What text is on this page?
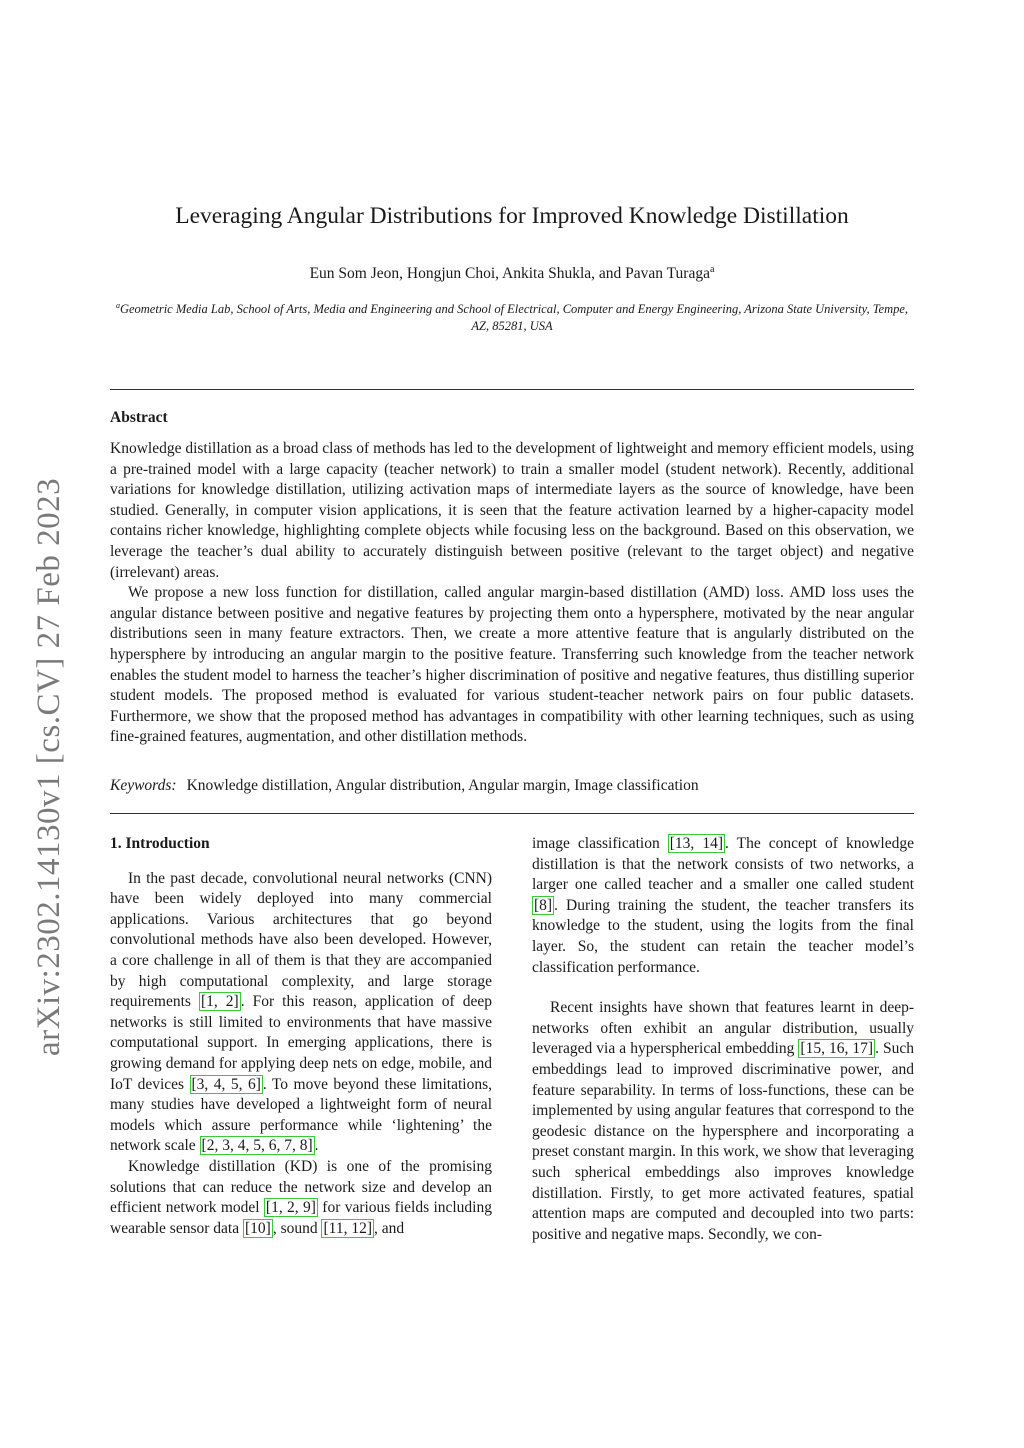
arXiv:2302.14130v1 [cs.CV] 27 Feb 2023
Leveraging Angular Distributions for Improved Knowledge Distillation
Eun Som Jeon, Hongjun Choi, Ankita Shukla, and Pavan Turaga$^a$
$^a$Geometric Media Lab, School of Arts, Media and Engineering and School of Electrical, Computer and Energy Engineering, Arizona State University, Tempe, AZ, 85281, USA
Abstract

Knowledge distillation as a broad class of methods has led to the development of lightweight and memory efficient models, using a pre-trained model with a large capacity (teacher network) to train a smaller model (student network). Recently, additional variations for knowledge distillation, utilizing activation maps of intermediate layers as the source of knowledge, have been studied. Generally, in computer vision applications, it is seen that the feature activation learned by a higher-capacity model contains richer knowledge, highlighting complete objects while focusing less on the background. Based on this observation, we leverage the teacher’s dual ability to accurately distinguish between positive (relevant to the target object) and negative (irrelevant) areas.

We propose a new loss function for distillation, called angular margin-based distillation (AMD) loss. AMD loss uses the angular distance between positive and negative features by projecting them onto a hypersphere, motivated by the near angular distributions seen in many feature extractors. Then, we create a more attentive feature that is angularly distributed on the hypersphere by introducing an angular margin to the positive feature. Transferring such knowledge from the teacher network enables the student model to harness the teacher’s higher discrimination of positive and negative features, thus distilling superior student models. The proposed method is evaluated for various student-teacher network pairs on four public datasets. Furthermore, we show that the proposed method has advantages in compatibility with other learning techniques, such as using fine-grained features, augmentation, and other distillation methods.

Keywords: Knowledge distillation, Angular distribution, Angular margin, Image classification
1. Introduction

In the past decade, convolutional neural networks (CNN) have been widely deployed into many commercial applications. Various architectures that go beyond convolutional methods have also been developed. However, a core challenge in all of them is that they are accompanied by high computational complexity, and large storage requirements [1, 2] . For this reason, application of deep networks is still limited to environments that have massive computational support. In emerging applications, there is growing demand for applying deep nets on edge, mobile, and IoT devices [3, 4, 5, 6] . To move beyond these limitations, many studies have developed a lightweight form of neural models which assure performance while ‘lightening’ the network scale [2, 3, 4, 5, 6, 7, 8] .

Knowledge distillation (KD) is one of the promising solutions that can reduce the network size and develop an efficient network model [1, 2, 9] for various fields including wearable sensor data [10] , sound [11, 12] , and

image classification [13, 14] . The concept of knowledge distillation is that the network consists of two networks, a larger one called teacher and a smaller one called student [8] . During training the student, the teacher transfers its knowledge to the student, using the logits from the final layer. So, the student can retain the teacher model’s classification performance.

Recent insights have shown that features learnt in deep-networks often exhibit an angular distribution, usually leveraged via a hyperspherical embedding [15, 16, 17] . Such embeddings lead to improved discriminative power, and feature separability. In terms of loss-functions, these can be implemented by using angular features that correspond to the geodesic distance on the hypersphere and incorporating a preset constant margin. In this work, we show that leveraging such spherical embeddings also improves knowledge distillation. Firstly, to get more activated features, spatial attention maps are computed and decoupled into two parts: positive and negative maps. Secondly, we con-
